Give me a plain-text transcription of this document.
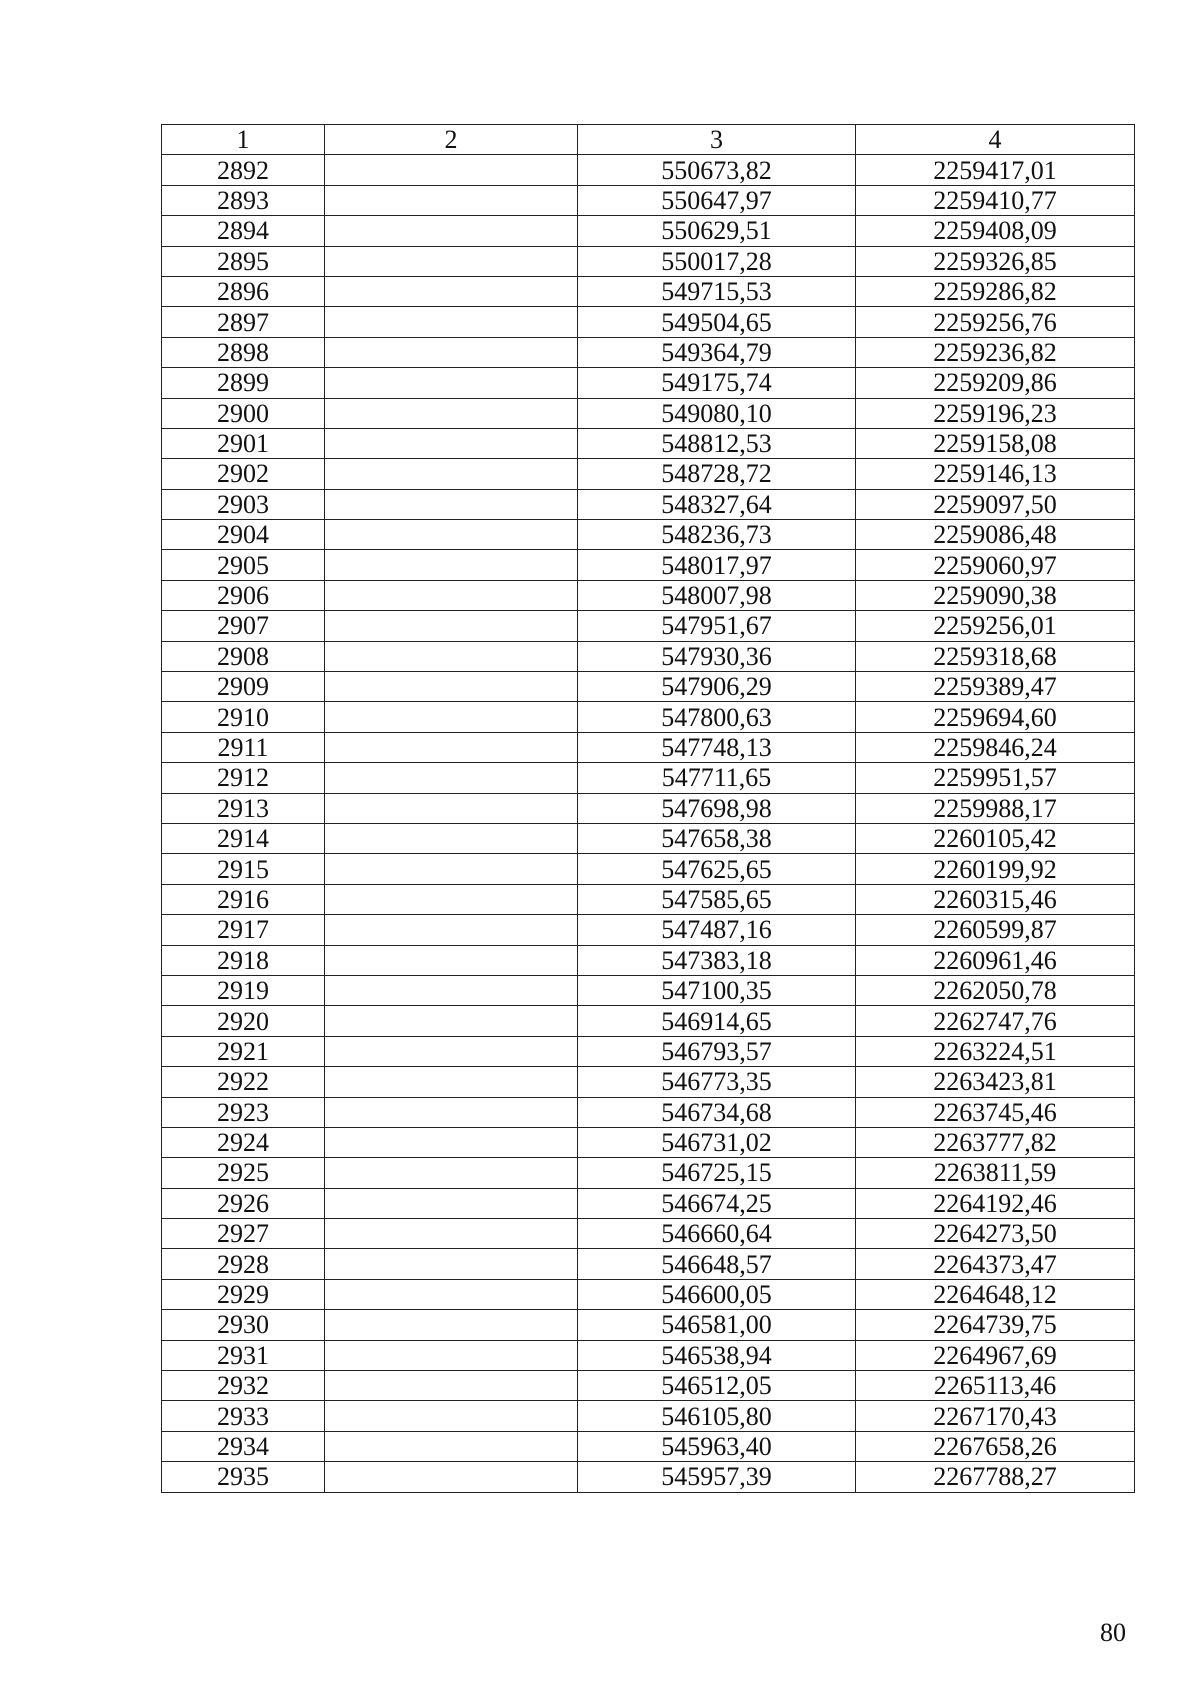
1	2	3	4
2892		550673,82	2259417,01
2893		550647,97	2259410,77
2894		550629,51	2259408,09
2895		550017,28	2259326,85
2896		549715,53	2259286,82
2897		549504,65	2259256,76
2898		549364,79	2259236,82
2899		549175,74	2259209,86
2900		549080,10	2259196,23
2901		548812,53	2259158,08
2902		548728,72	2259146,13
2903		548327,64	2259097,50
2904		548236,73	2259086,48
2905		548017,97	2259060,97
2906		548007,98	2259090,38
2907		547951,67	2259256,01
2908		547930,36	2259318,68
2909		547906,29	2259389,47
2910		547800,63	2259694,60
2911		547748,13	2259846,24
2912		547711,65	2259951,57
2913		547698,98	2259988,17
2914		547658,38	2260105,42
2915		547625,65	2260199,92
2916		547585,65	2260315,46
2917		547487,16	2260599,87
2918		547383,18	2260961,46
2919		547100,35	2262050,78
2920		546914,65	2262747,76
2921		546793,57	2263224,51
2922		546773,35	2263423,81
2923		546734,68	2263745,46
2924		546731,02	2263777,82
2925		546725,15	2263811,59
2926		546674,25	2264192,46
2927		546660,64	2264273,50
2928		546648,57	2264373,47
2929		546600,05	2264648,12
2930		546581,00	2264739,75
2931		546538,94	2264967,69
2932		546512,05	2265113,46
2933		546105,80	2267170,43
2934		545963,40	2267658,26
2935		545957,39	2267788,27
80
